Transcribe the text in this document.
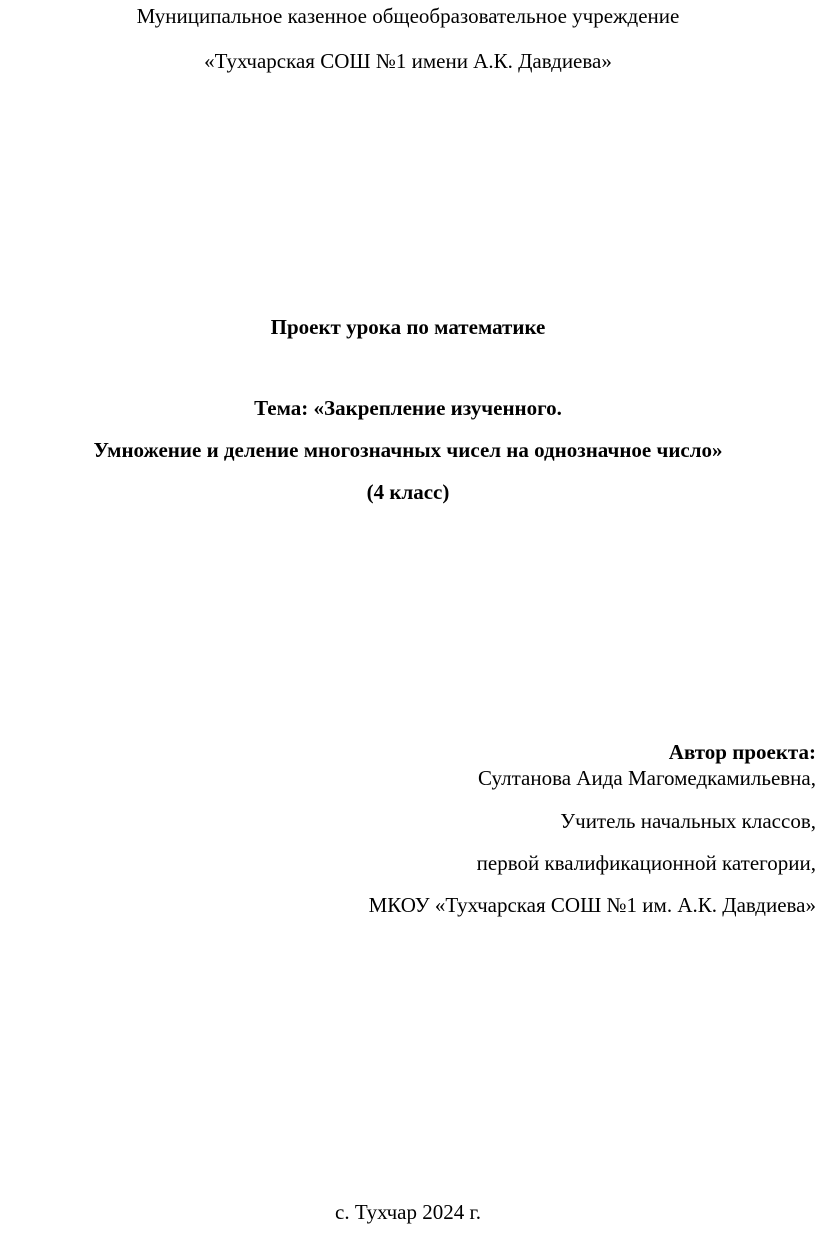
Муниципальное казенное общеобразовательное учреждение
«Тухчарская СОШ №1 имени А.К. Давдиева»
Проект урока по математике
Тема: «Закрепление изученного.
Умножение и деление многозначных чисел на однозначное число»
(4 класс)
Автор проекта:
Султанова Аида Магомедкамильевна,
Учитель начальных классов,
первой квалификационной категории,
МКОУ «Тухчарская СОШ №1 им. А.К. Давдиева»
с. Тухчар 2024 г.
